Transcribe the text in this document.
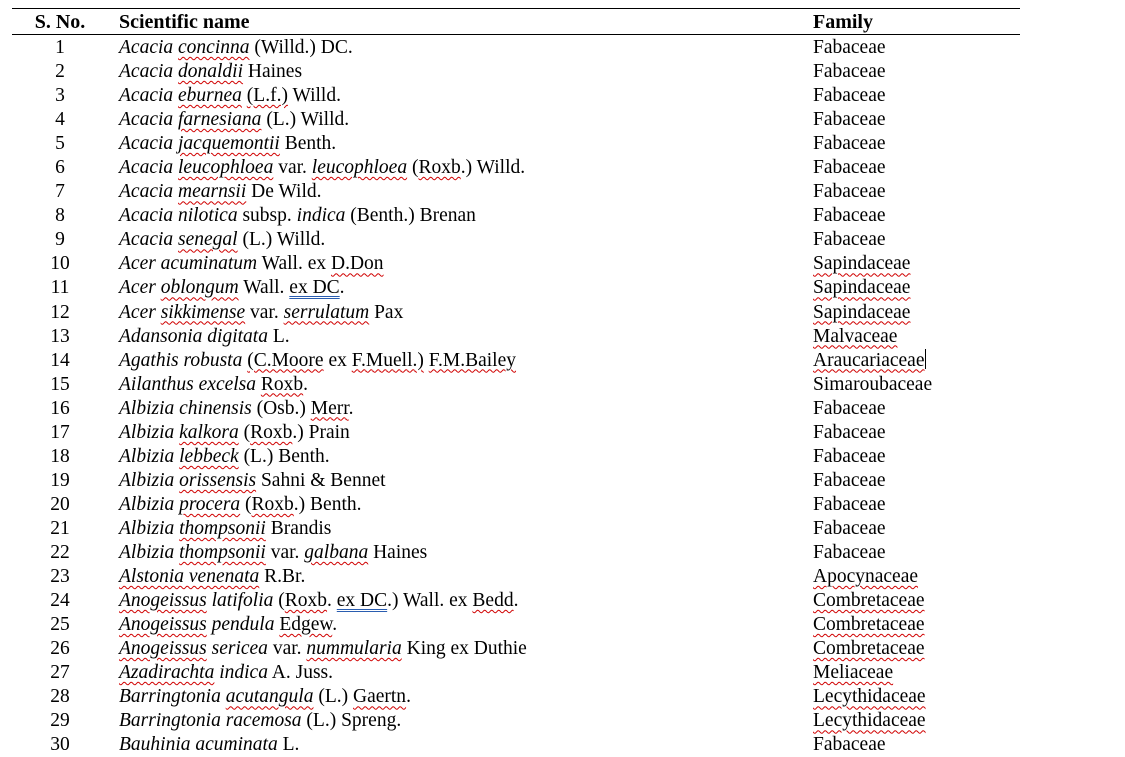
S. No.	Scientific name	Family
1	Acacia concinna (Willd.) DC.	Fabaceae
2	Acacia donaldii Haines	Fabaceae
3	Acacia eburnea (L.f.) Willd.	Fabaceae
4	Acacia farnesiana (L.) Willd.	Fabaceae
5	Acacia jacquemontii Benth.	Fabaceae
6	Acacia leucophloea var. leucophloea (Roxb.) Willd.	Fabaceae
7	Acacia mearnsii De Wild.	Fabaceae
8	Acacia nilotica subsp. indica (Benth.) Brenan	Fabaceae
9	Acacia senegal (L.) Willd.	Fabaceae
10	Acer acuminatum Wall. ex D.Don	Sapindaceae
11	Acer oblongum Wall. ex DC.	Sapindaceae
12	Acer sikkimense var. serrulatum Pax	Sapindaceae
13	Adansonia digitata L.	Malvaceae
14	Agathis robusta (C.Moore ex F.Muell.) F.M.Bailey	Araucariaceae
15	Ailanthus excelsa Roxb.	Simaroubaceae
16	Albizia chinensis (Osb.) Merr.	Fabaceae
17	Albizia kalkora (Roxb.) Prain	Fabaceae
18	Albizia lebbeck (L.) Benth.	Fabaceae
19	Albizia orissensis Sahni & Bennet	Fabaceae
20	Albizia procera (Roxb.) Benth.	Fabaceae
21	Albizia thompsonii Brandis	Fabaceae
22	Albizia thompsonii var. galbana Haines	Fabaceae
23	Alstonia venenata R.Br.	Apocynaceae
24	Anogeissus latifolia (Roxb. ex DC.) Wall. ex Bedd.	Combretaceae
25	Anogeissus pendula Edgew.	Combretaceae
26	Anogeissus sericea var. nummularia King ex Duthie	Combretaceae
27	Azadirachta indica A. Juss.	Meliaceae
28	Barringtonia acutangula (L.) Gaertn.	Lecythidaceae
29	Barringtonia racemosa (L.) Spreng.	Lecythidaceae
30	Bauhinia acuminata L.	Fabaceae
